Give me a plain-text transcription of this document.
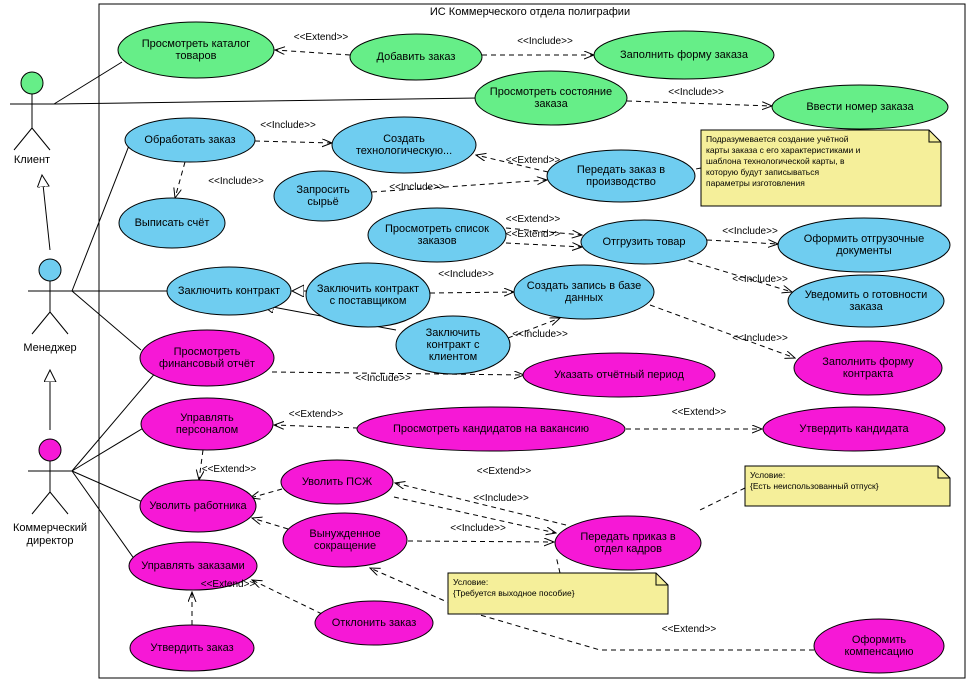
ИС Коммерческого отдела полиграфии
Клиент
Менеджер
Коммерческий
директор
Просмотреть каталог
товаров	Добавить заказ	Заполнить форму заказа
Просмотреть состояние
заказа	Ввести номер заказа
Обработать заказ	Создать
технологическую...
Передать заказ в
производство
Запросить
сырьё
Выписать счёт	Просмотреть список
заказов	Отгрузить товар	Оформить отгрузочные
документы
Заключить контракт	Заключить контракт
с поставщиком
Создать запись в базе
данных	Уведомить о готовности
заказа
Заключить
контракт с
клиентом
Просмотреть
финансовый отчёт
Указать отчётный период
Заполнить форму
контракта
Управлять
персоналом	Просмотреть кандидатов на вакансию	Утвердить кандидата
Уволить ПСЖ
Уволить работника
Вынужденное
сокращение
Передать приказ в
отдел кадров
Управлять заказами
Отклонить заказ
Утвердить заказ
Оформить
компенсацию
<<Extend>>	<<Include>>
<<Include>>
<<Include>>
<<Extend>>
<<Include>>
<<Include>>
<<Extend>>
<<Extend>>	<<Include>>
<<Include>>	<<Include>>
<<Include>>	<<Include>>
<<Include>>
<<Extend>>	<<Extend>>
<<Extend>>	<<Extend>>
<<Include>>
<<Include>>
<<Extend>>
<<Extend>>
Подразумевается создание учётной
карты заказа с его характеристиками и
шаблона технологической карты, в
которую будут записываться
параметры изготовления
Условие:
{Есть неиспользованный отпуск}
Условие:
{Требуется выходное пособие}
